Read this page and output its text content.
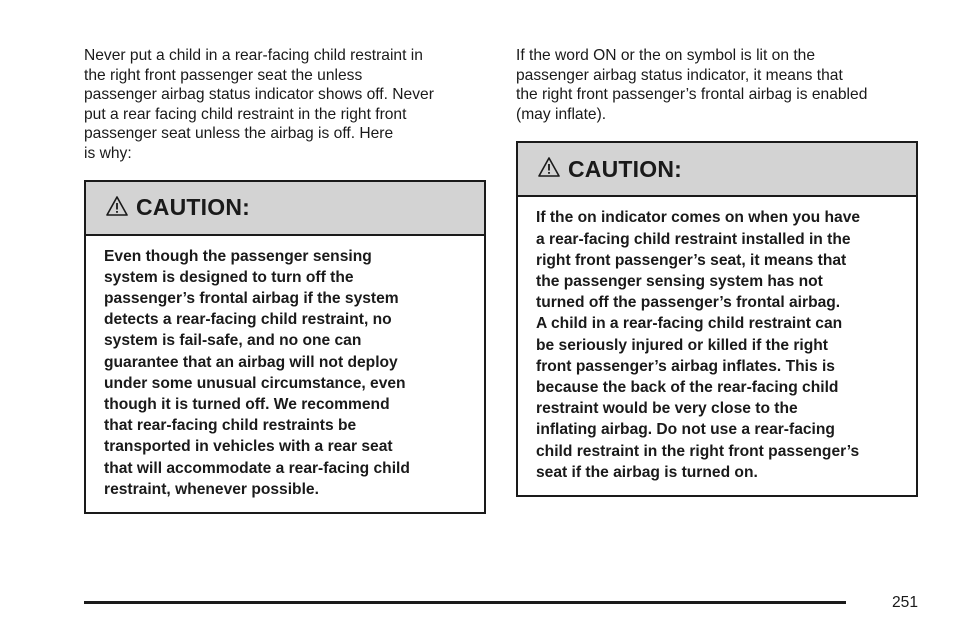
Never put a child in a rear-facing child restraint in
the right front passenger seat the unless
passenger airbag status indicator shows off. Never
put a rear facing child restraint in the right front
passenger seat unless the airbag is off. Here
is why:

CAUTION:
Even though the passenger sensing
system is designed to turn off the
passenger’s frontal airbag if the system
detects a rear-facing child restraint, no
system is fail-safe, and no one can
guarantee that an airbag will not deploy
under some unusual circumstance, even
though it is turned off. We recommend
that rear-facing child restraints be
transported in vehicles with a rear seat
that will accommodate a rear-facing child
restraint, whenever possible.

If the word ON or the on symbol is lit on the
passenger airbag status indicator, it means that
the right front passenger’s frontal airbag is enabled
(may inflate).

CAUTION:
If the on indicator comes on when you have
a rear-facing child restraint installed in the
right front passenger’s seat, it means that
the passenger sensing system has not
turned off the passenger’s frontal airbag.
A child in a rear-facing child restraint can
be seriously injured or killed if the right
front passenger’s airbag inflates. This is
because the back of the rear-facing child
restraint would be very close to the
inflating airbag. Do not use a rear-facing
child restraint in the right front passenger’s
seat if the airbag is turned on.
251
